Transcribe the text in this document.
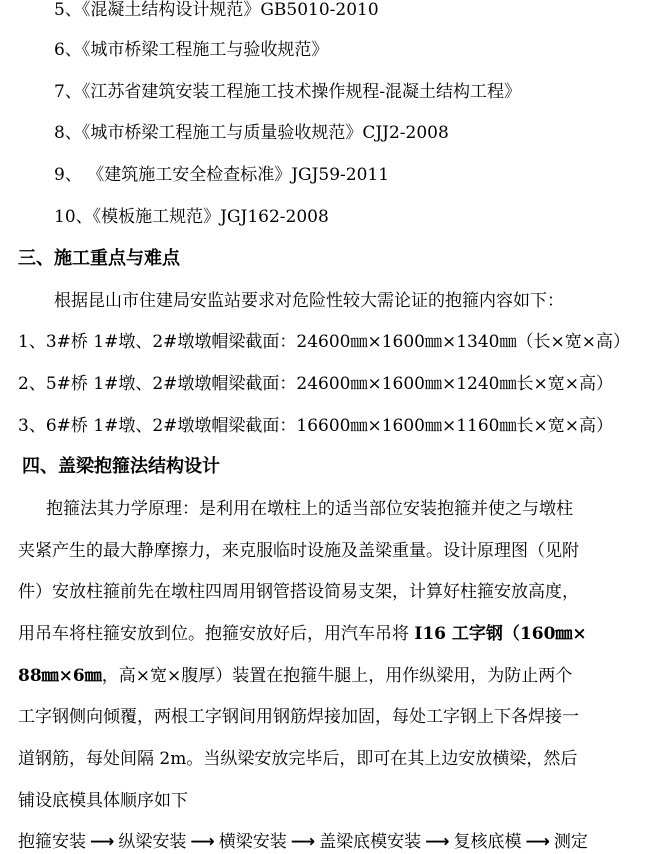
5、《混凝土结构设计规范》GB5010-2010
6、《城市桥梁工程施工与验收规范》
7、《江苏省建筑安装工程施工技术操作规程-混凝土结构工程》
8、《城市桥梁工程施工与质量验收规范》CJJ2-2008
9、 《建筑施工安全检查标准》JGJ59-2011
10、《模板施工规范》JGJ162-2008
三、施工重点与难点
根据昆山市住建局安监站要求对危险性较大需论证的抱箍内容如下：
1、3#桥 1#墩、2#墩墩帽梁截面：24600㎜×1600㎜×1340㎜（长×宽×高）
2、5#桥 1#墩、2#墩墩帽梁截面：24600㎜×1600㎜×1240㎜长×宽×高）
3、6#桥 1#墩、2#墩墩帽梁截面：16600㎜×1600㎜×1160㎜长×宽×高）
四、盖梁抱箍法结构设计
抱箍法其力学原理：是利用在墩柱上的适当部位安装抱箍并使之与墩柱
夹紧产生的最大静摩擦力，来克服临时设施及盖梁重量。设计原理图（见附
件）安放柱箍前先在墩柱四周用钢管搭设简易支架，计算好柱箍安放高度，
用吊车将柱箍安放到位。抱箍安放好后，用汽车吊将 I16 工字钢（160㎜×
88㎜×6㎜，高×宽×腹厚）装置在抱箍牛腿上，用作纵梁用，为防止两个
工字钢侧向倾覆，两根工字钢间用钢筋焊接加固，每处工字钢上下各焊接一
道钢筋，每处间隔 2m。当纵梁安放完毕后，即可在其上边安放横梁，然后
铺设底模具体顺序如下
抱箍安装 ⟶ 纵梁安装 ⟶ 横梁安装 ⟶ 盖梁底模安装 ⟶ 复核底模 ⟶ 测定
